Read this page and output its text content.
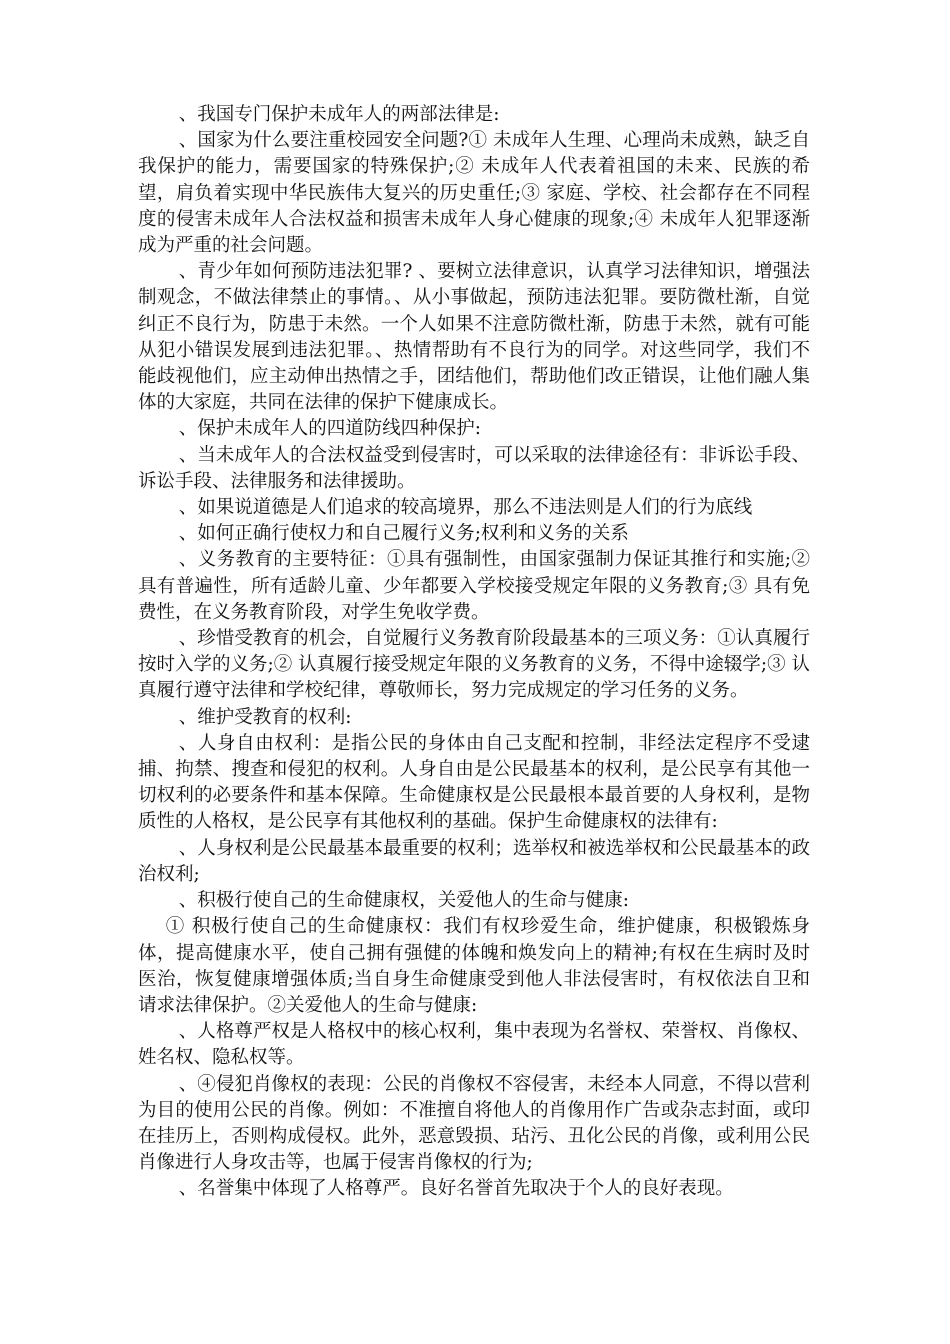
、我国专门保护未成年人的两部法律是:

、国家为什么要注重校园安全问题?① 未成年人生理、心理尚未成熟，缺乏自我保护的能力，需要国家的特殊保护;② 未成年人代表着祖国的未来、民族的希望，肩负着实现中华民族伟大复兴的历史重任;③ 家庭、学校、社会都存在不同程度的侵害未成年人合法权益和损害未成年人身心健康的现象;④ 未成年人犯罪逐渐成为严重的社会问题。

、青少年如何预防违法犯罪? 、要树立法律意识，认真学习法律知识，增强法制观念，不做法律禁止的事情。、从小事做起，预防违法犯罪。要防微杜渐，自觉纠正不良行为，防患于未然。一个人如果不注意防微杜渐，防患于未然，就有可能从犯小错误发展到违法犯罪。、热情帮助有不良行为的同学。对这些同学，我们不能歧视他们，应主动伸出热情之手，团结他们，帮助他们改正错误，让他们融人集体的大家庭，共同在法律的保护下健康成长。

、保护未成年人的四道防线四种保护:

、当未成年人的合法权益受到侵害时，可以采取的法律途径有：非诉讼手段、诉讼手段、法律服务和法律援助。

、如果说道德是人们追求的较高境界，那么不违法则是人们的行为底线

、如何正确行使权力和自己履行义务;权利和义务的关系

、义务教育的主要特征：①具有强制性，由国家强制力保证其推行和实施;② 具有普遍性，所有适龄儿童、少年都要入学校接受规定年限的义务教育;③ 具有免费性，在义务教育阶段，对学生免收学费。

、珍惜受教育的机会，自觉履行义务教育阶段最基本的三项义务：①认真履行按时入学的义务;② 认真履行接受规定年限的义务教育的义务，不得中途辍学;③ 认真履行遵守法律和学校纪律，尊敬师长，努力完成规定的学习任务的义务。

、维护受教育的权利:

、人身自由权利：是指公民的身体由自己支配和控制，非经法定程序不受逮捕、拘禁、搜查和侵犯的权利。人身自由是公民最基本的权利，是公民享有其他一切权利的必要条件和基本保障。生命健康权是公民最根本最首要的人身权利，是物质性的人格权，是公民享有其他权利的基础。保护生命健康权的法律有:

、人身权利是公民最基本最重要的权利；选举权和被选举权和公民最基本的政治权利;

、积极行使自己的生命健康权，关爱他人的生命与健康:

① 积极行使自己的生命健康权：我们有权珍爱生命，维护健康，积极锻炼身体，提高健康水平，使自己拥有强健的体魄和焕发向上的精神;有权在生病时及时医治，恢复健康增强体质;当自身生命健康受到他人非法侵害时，有权依法自卫和请求法律保护。②关爱他人的生命与健康:

、人格尊严权是人格权中的核心权利，集中表现为名誉权、荣誉权、肖像权、姓名权、隐私权等。

、④侵犯肖像权的表现：公民的肖像权不容侵害，未经本人同意，不得以营利为目的使用公民的肖像。例如：不准擅自将他人的肖像用作广告或杂志封面，或印在挂历上，否则构成侵权。此外，恶意毁损、玷污、丑化公民的肖像，或利用公民肖像进行人身攻击等，也属于侵害肖像权的行为;

、名誉集中体现了人格尊严。良好名誉首先取决于个人的良好表现。
